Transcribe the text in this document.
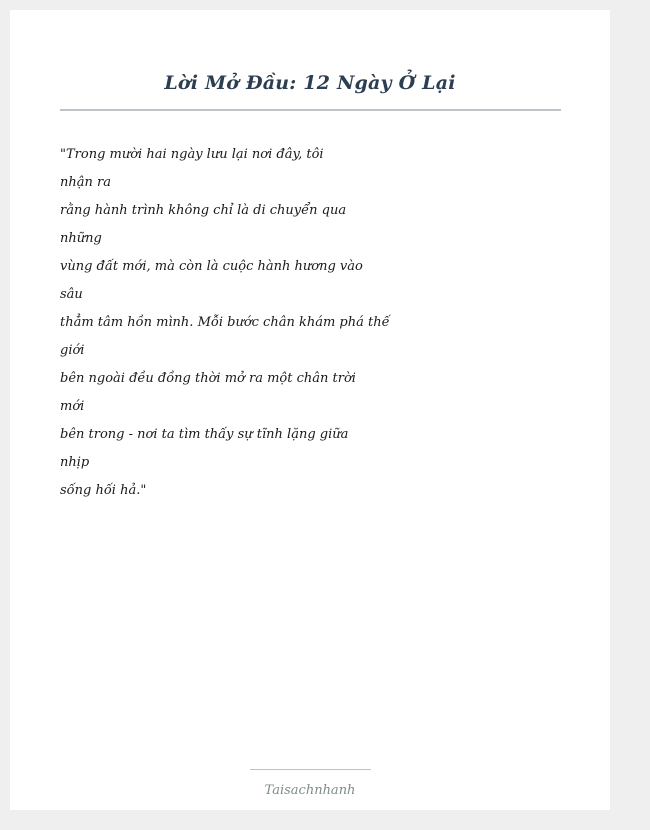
Lời Mở Đầu: 12 Ngày Ở Lại
"Trong mười hai ngày lưu lại nơi đây, tôi
nhận ra
rằng hành trình không chỉ là di chuyển qua
những
vùng đất mới, mà còn là cuộc hành hương vào
sâu
thẳm tâm hồn mình. Mỗi bước chân khám phá thế
giới
bên ngoài đều đồng thời mở ra một chân trời
mới
bên trong - nơi ta tìm thấy sự tĩnh lặng giữa
nhịp
sống hối hả."
Taisachnhanh
